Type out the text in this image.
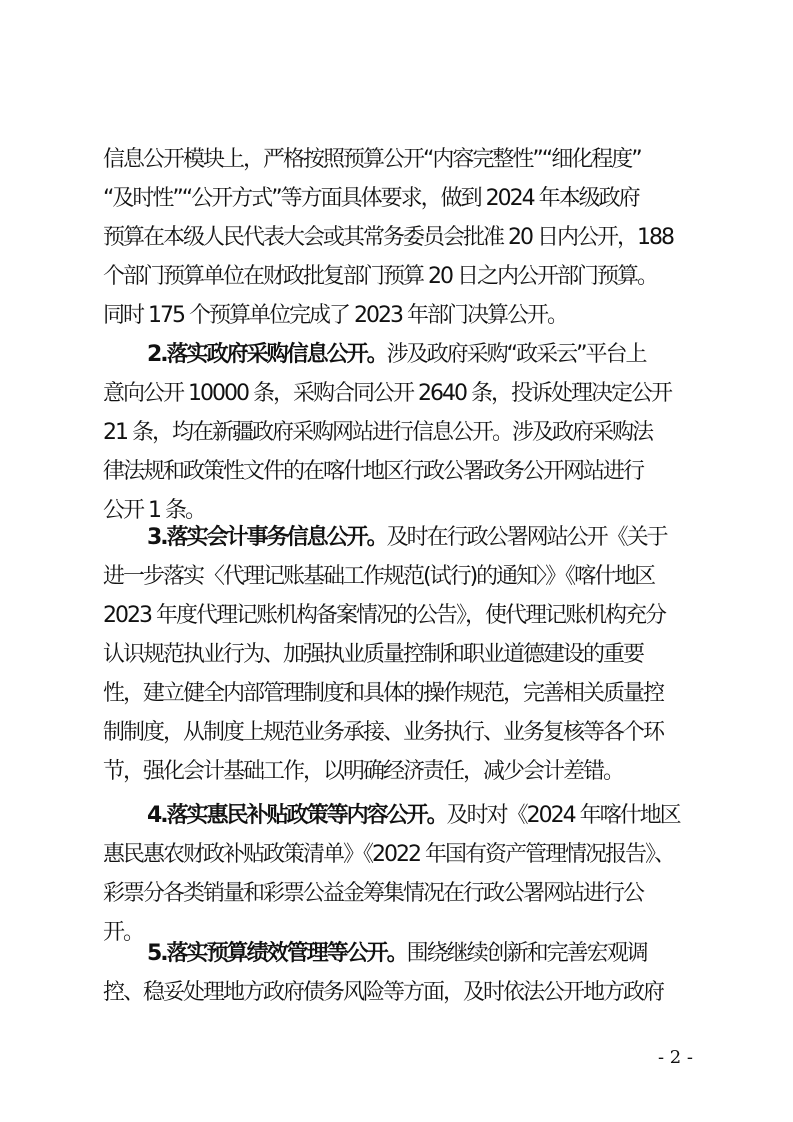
信息公开模块上，严格按照预算公开“内容完整性”“细化程度”
“及时性”“公开方式”等方面具体要求，做到 2024 年本级政府
预算在本级人民代表大会或其常务委员会批准 20 日内公开，188
个部门预算单位在财政批复部门预算 20 日之内公开部门预算。
同时 175 个预算单位完成了 2023 年部门决算公开。
2.落实政府采购信息公开。涉及政府采购“政采云”平台上
意向公开 10000 条，采购合同公开 2640 条，投诉处理决定公开
21 条，均在新疆政府采购网站进行信息公开。涉及政府采购法
律法规和政策性文件的在喀什地区行政公署政务公开网站进行
公开 1 条。
3.落实会计事务信息公开。及时在行政公署网站公开《关于
进一步落实〈代理记账基础工作规范(试行)的通知〉》《喀什地区
2023 年度代理记账机构备案情况的公告》，使代理记账机构充分
认识规范执业行为、加强执业质量控制和职业道德建设的重要
性，建立健全内部管理制度和具体的操作规范，完善相关质量控
制制度，从制度上规范业务承接、业务执行、业务复核等各个环
节，强化会计基础工作，以明确经济责任，减少会计差错。
4.落实惠民补贴政策等内容公开。及时对《2024 年喀什地区
惠民惠农财政补贴政策清单》《2022 年国有资产管理情况报告》、
彩票分各类销量和彩票公益金筹集情况在行政公署网站进行公
开。
5.落实预算绩效管理等公开。围绕继续创新和完善宏观调
控、稳妥处理地方政府债务风险等方面，及时依法公开地方政府
- 2 -
